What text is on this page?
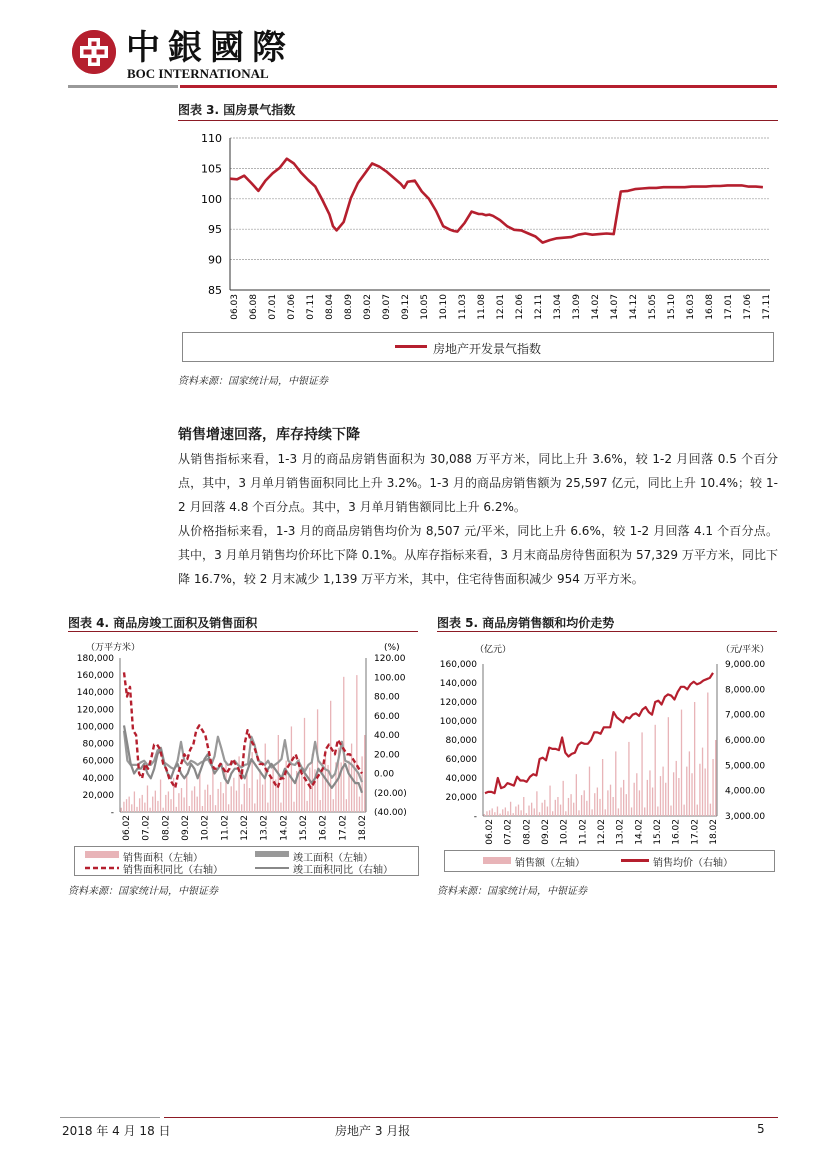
中銀國際
BOC INTERNATIONAL
图表 3. 国房景气指数
85
90
95
100
105
110
06.03 06.08 07.01 07.06 07.11 08.04 08.09 09.02 09.07 09.12 10.05 10.10 11.03 11.08 12.01 12.06 12.11 13.04 13.09 14.02 14.07 14.12 15.05 15.10 16.03 16.08 17.01 17.06 17.11
房地产开发景气指数
资料来源：国家统计局，中银证券
销售增速回落，库存持续下降
从销售指标来看，1-3 月的商品房销售面积为 30,088 万平方米，同比上升 3.6%，较 1-2 月回落 0.5 个百分点，其中，3 月单月销售面积同比上升 3.2%。1-3 月的商品房销售额为 25,597 亿元，同比上升 10.4%；较 1-2 月回落 4.8 个百分点。其中，3 月单月销售额同比上升 6.2%。
从价格指标来看，1-3 月的商品房销售均价为 8,507 元/平米，同比上升 6.6%，较 1-2 月回落 4.1 个百分点。其中，3 月单月销售均价环比下降 0.1%。从库存指标来看，3 月末商品房待售面积为 57,329 万平方米，同比下降 16.7%，较 2 月末减少 1,139 万平方米，其中，住宅待售面积减少 954 万平方米。
图表 4. 商品房竣工面积及销售面积
（万平方米）	(%)
-
20,000
40,000
60,000
80,000
100,000
120,000
140,000
160,000
180,000
(40.00)
(20.00)
0.00
20.00
40.00
60.00
80.00
100.00
120.00
06.02 07.02 08.02 09.02 10.02 11.02 12.02 13.02 14.02 15.02 16.02 17.02 18.02
销售面积（左轴）	竣工面积（左轴）
销售面积同比（右轴）	竣工面积同比（右轴）
资料来源：国家统计局，中银证券
图表 5. 商品房销售额和均价走势
（亿元）	（元/平米）
-
20,000
40,000
60,000
80,000
100,000
120,000
140,000
160,000
3,000.00
4,000.00
5,000.00
6,000.00
7,000.00
8,000.00
9,000.00
06.02 07.02 08.02 09.02 10.02 11.02 12.02 13.02 14.02 15.02 16.02 17.02 18.02
销售额（左轴）	销售均价（右轴）
资料来源：国家统计局，中银证券
2018 年 4 月 18 日	房地产 3 月报	5
